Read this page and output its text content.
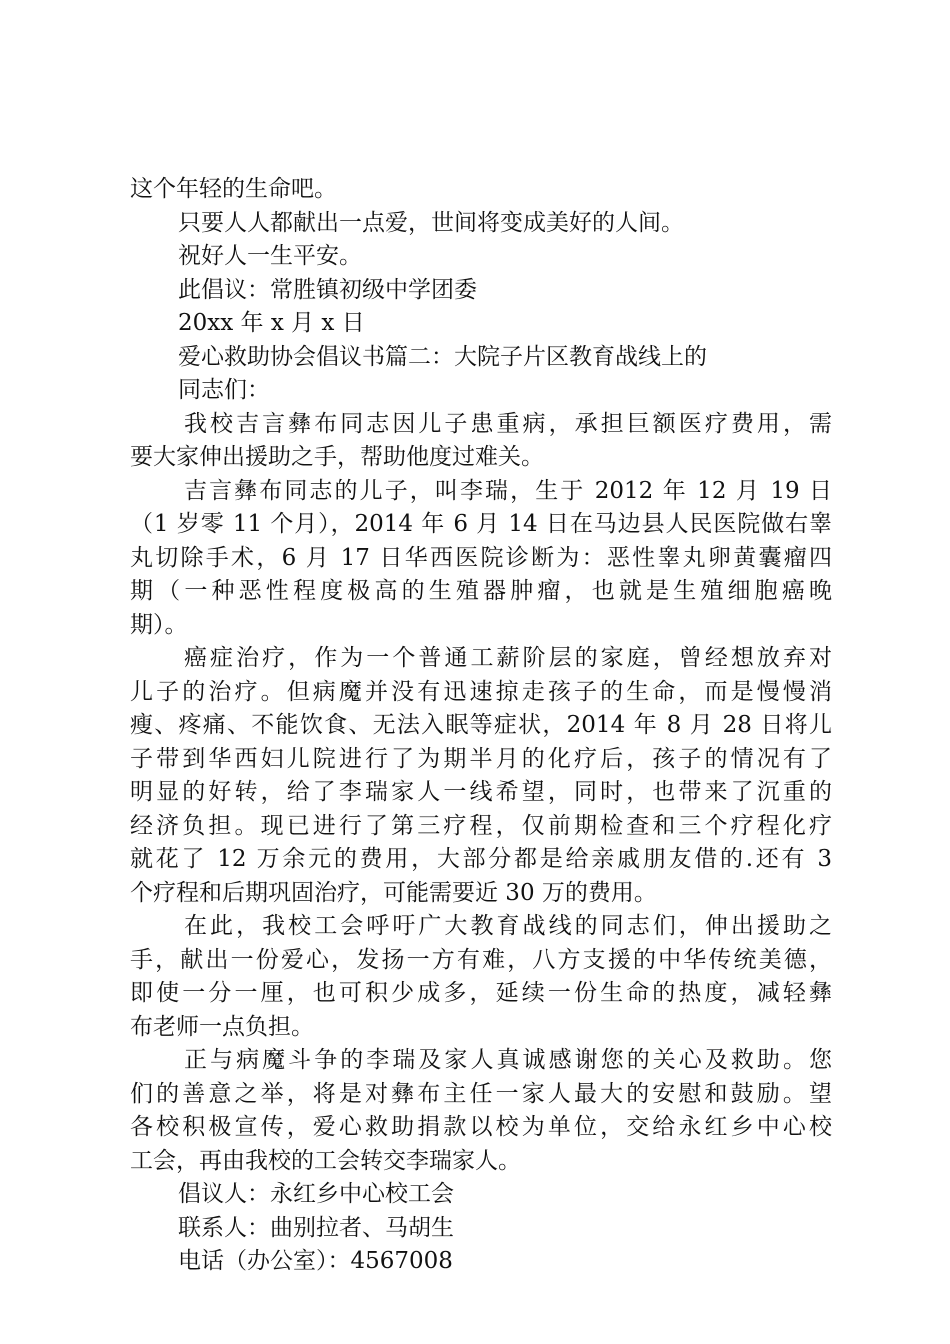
这个年轻的生命吧。
只要人人都献出一点爱，世间将变成美好的人间。
祝好人一生平安。
此倡议：常胜镇初级中学团委
20xx 年 x 月 x 日
爱心救助协会倡议书篇二：大院子片区教育战线上的
同志们：
我校吉言彝布同志因儿子患重病，承担巨额医疗费用，需
要大家伸出援助之手，帮助他度过难关。
吉言彝布同志的儿子，叫李瑞，生于 2012 年 12 月 19 日
（1 岁零 11 个月），2014 年 6 月 14 日在马边县人民医院做右睾
丸切除手术，6 月 17 日华西医院诊断为：恶性睾丸卵黄囊瘤四
期（一种恶性程度极高的生殖器肿瘤，也就是生殖细胞癌晚
期）。
癌症治疗，作为一个普通工薪阶层的家庭，曾经想放弃对
儿子的治疗。但病魔并没有迅速掠走孩子的生命，而是慢慢消
瘦、疼痛、不能饮食、无法入眠等症状，2014 年 8 月 28 日将儿
子带到华西妇儿院进行了为期半月的化疗后，孩子的情况有了
明显的好转，给了李瑞家人一线希望，同时，也带来了沉重的
经济负担。现已进行了第三疗程，仅前期检查和三个疗程化疗
就花了 12 万余元的费用，大部分都是给亲戚朋友借的.还有 3
个疗程和后期巩固治疗，可能需要近 30 万的费用。
在此，我校工会呼吁广大教育战线的同志们，伸出援助之
手，献出一份爱心，发扬一方有难，八方支援的中华传统美德，
即使一分一厘，也可积少成多，延续一份生命的热度，减轻彝
布老师一点负担。
正与病魔斗争的李瑞及家人真诚感谢您的关心及救助。您
们的善意之举，将是对彝布主任一家人最大的安慰和鼓励。望
各校积极宣传，爱心救助捐款以校为单位，交给永红乡中心校
工会，再由我校的工会转交李瑞家人。
倡议人：永红乡中心校工会
联系人：曲别拉者、马胡生
电话（办公室）：4567008
